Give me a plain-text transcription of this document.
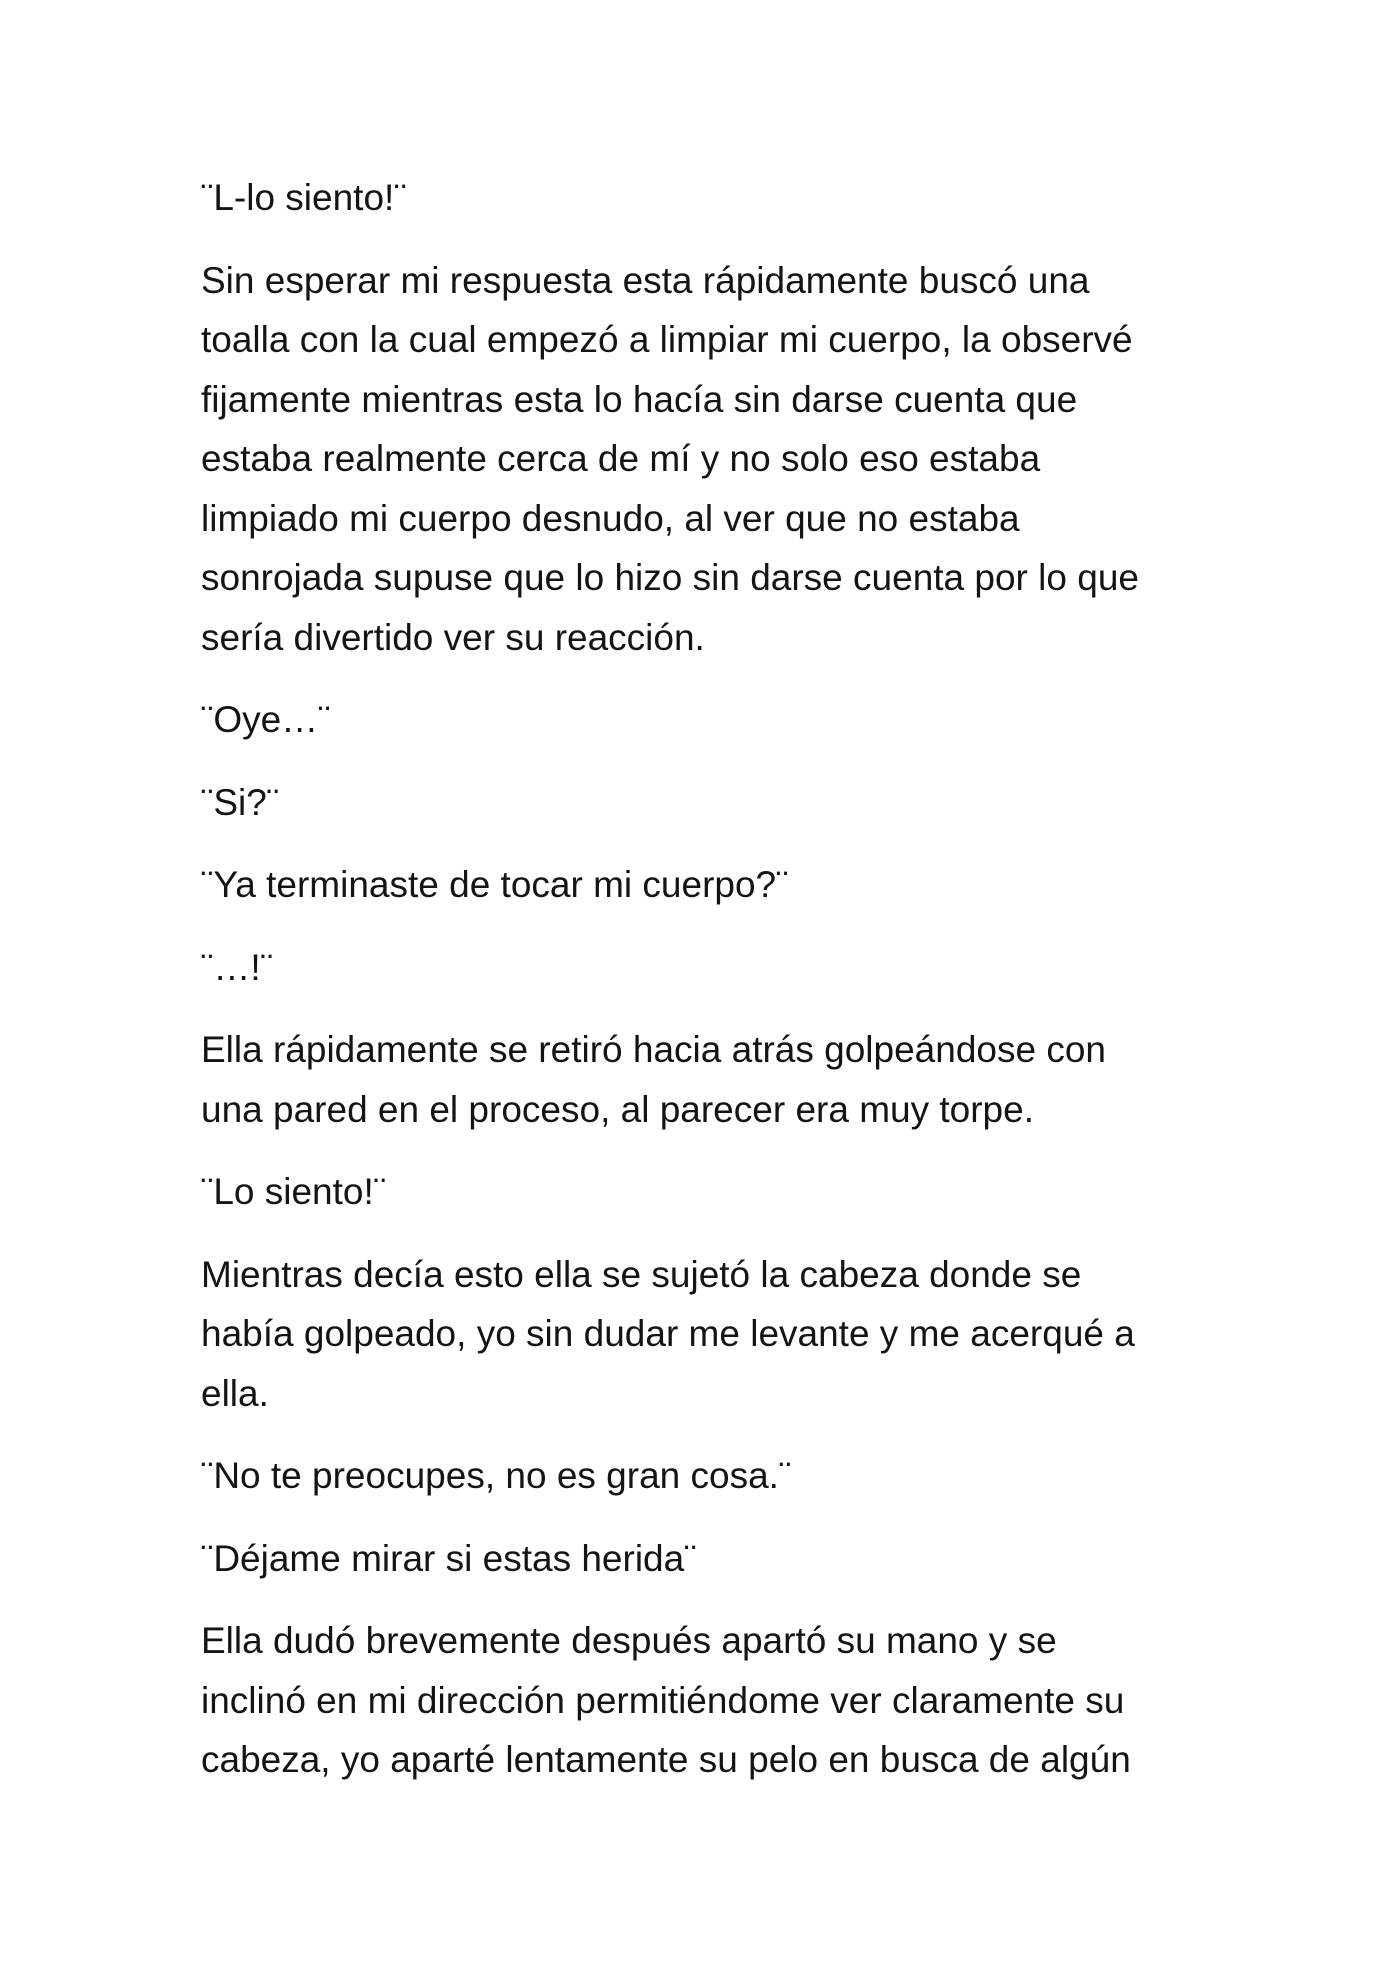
¨L-lo siento!¨

Sin esperar mi respuesta esta rápidamente buscó una
toalla con la cual empezó a limpiar mi cuerpo, la observé
fijamente mientras esta lo hacía sin darse cuenta que
estaba realmente cerca de mí y no solo eso estaba
limpiado mi cuerpo desnudo, al ver que no estaba
sonrojada supuse que lo hizo sin darse cuenta por lo que
sería divertido ver su reacción.

¨Oye…¨

¨Si?¨

¨Ya terminaste de tocar mi cuerpo?¨

¨…!¨

Ella rápidamente se retiró hacia atrás golpeándose con
una pared en el proceso, al parecer era muy torpe.

¨Lo siento!¨

Mientras decía esto ella se sujetó la cabeza donde se
había golpeado, yo sin dudar me levante y me acerqué a
ella.

¨No te preocupes, no es gran cosa.¨

¨Déjame mirar si estas herida¨

Ella dudó brevemente después apartó su mano y se
inclinó en mi dirección permitiéndome ver claramente su
cabeza, yo aparté lentamente su pelo en busca de algún
